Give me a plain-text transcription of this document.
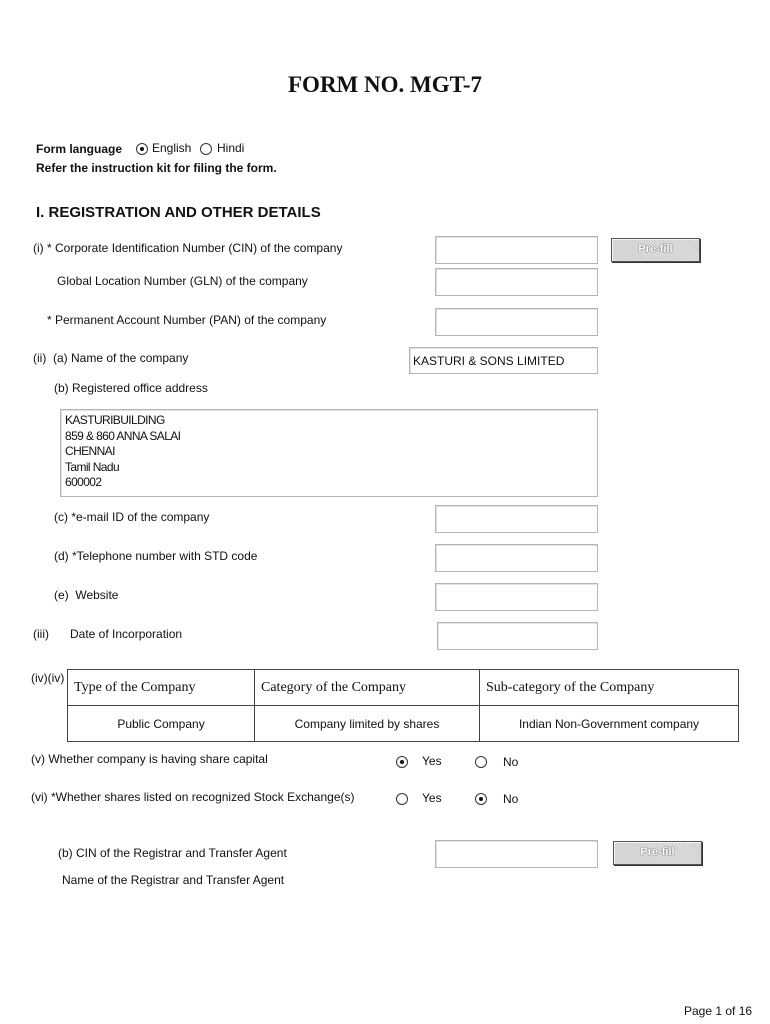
FORM NO. MGT-7
Form language English Hindi
Refer the instruction kit for filing the form.
I. REGISTRATION AND OTHER DETAILS
(i) * Corporate Identification Number (CIN) of the company	Pre-fill
Global Location Number (GLN) of the company
* Permanent Account Number (PAN) of the company
(ii)  (a) Name of the company	KASTURI & SONS LIMITED
(b) Registered office address
KASTURIBUILDING
859 & 860 ANNA SALAI
CHENNAI
Tamil Nadu
600002
(c) *e-mail ID of the company
(d) *Telephone number with STD code
(e)  Website
(iii) Date of Incorporation
(iv)(iv)
Type of the Company	Category of the Company	Sub-category of the Company
Public Company	Company limited by shares	Indian Non-Government company
(v) Whether company is having share capital	Yes	No
(vi) *Whether shares listed on recognized Stock Exchange(s)	Yes	No
(b) CIN of the Registrar and Transfer Agent	Pre-fill
Name of the Registrar and Transfer Agent
Page 1 of 16
